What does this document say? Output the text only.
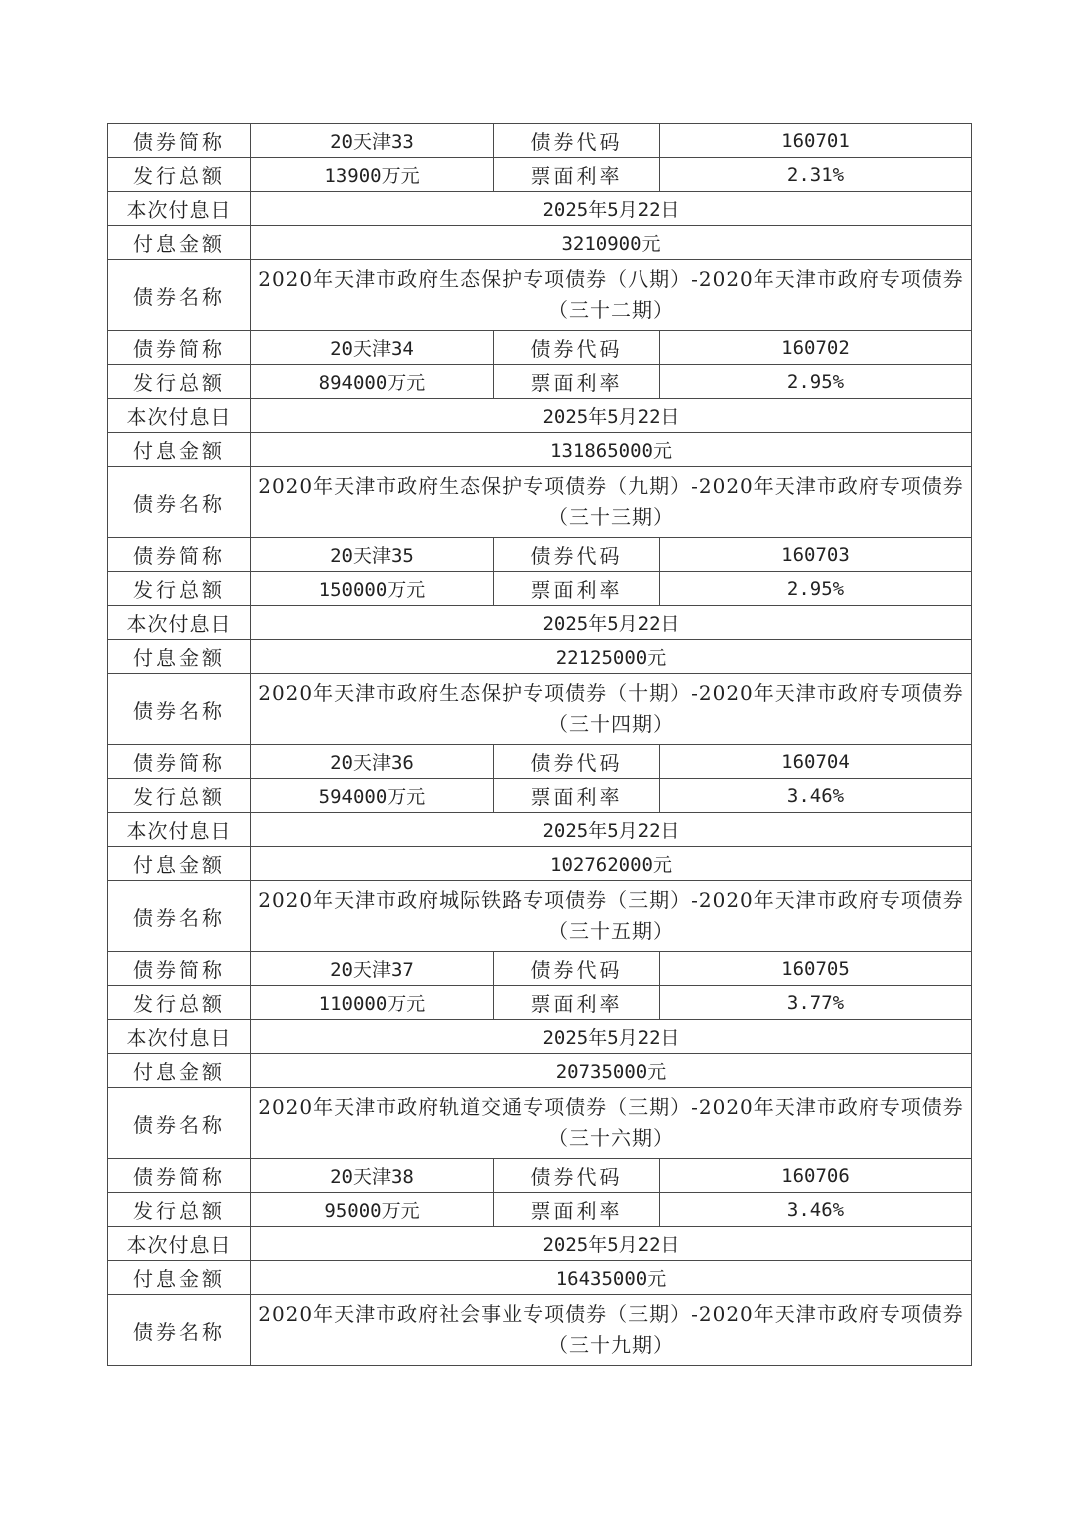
债券简称	20天津33	债券代码	160701
发行总额	13900万元	票面利率	2.31%
本次付息日	2025年5月22日		
付息金额	3210900元		
债券名称	2020年天津市政府生态保护专项债券（八期）-2020年天津市政府专项债券（三十二期）		
债券简称	20天津34	债券代码	160702
发行总额	894000万元	票面利率	2.95%
本次付息日	2025年5月22日		
付息金额	131865000元		
债券名称	2020年天津市政府生态保护专项债券（九期）-2020年天津市政府专项债券（三十三期）		
债券简称	20天津35	债券代码	160703
发行总额	150000万元	票面利率	2.95%
本次付息日	2025年5月22日		
付息金额	22125000元		
债券名称	2020年天津市政府生态保护专项债券（十期）-2020年天津市政府专项债券（三十四期）		
债券简称	20天津36	债券代码	160704
发行总额	594000万元	票面利率	3.46%
本次付息日	2025年5月22日		
付息金额	102762000元		
债券名称	2020年天津市政府城际铁路专项债券（三期）-2020年天津市政府专项债券（三十五期）		
债券简称	20天津37	债券代码	160705
发行总额	110000万元	票面利率	3.77%
本次付息日	2025年5月22日		
付息金额	20735000元		
债券名称	2020年天津市政府轨道交通专项债券（三期）-2020年天津市政府专项债券（三十六期）		
债券简称	20天津38	债券代码	160706
发行总额	95000万元	票面利率	3.46%
本次付息日	2025年5月22日		
付息金额	16435000元		
债券名称	2020年天津市政府社会事业专项债券（三期）-2020年天津市政府专项债券（三十九期）		
